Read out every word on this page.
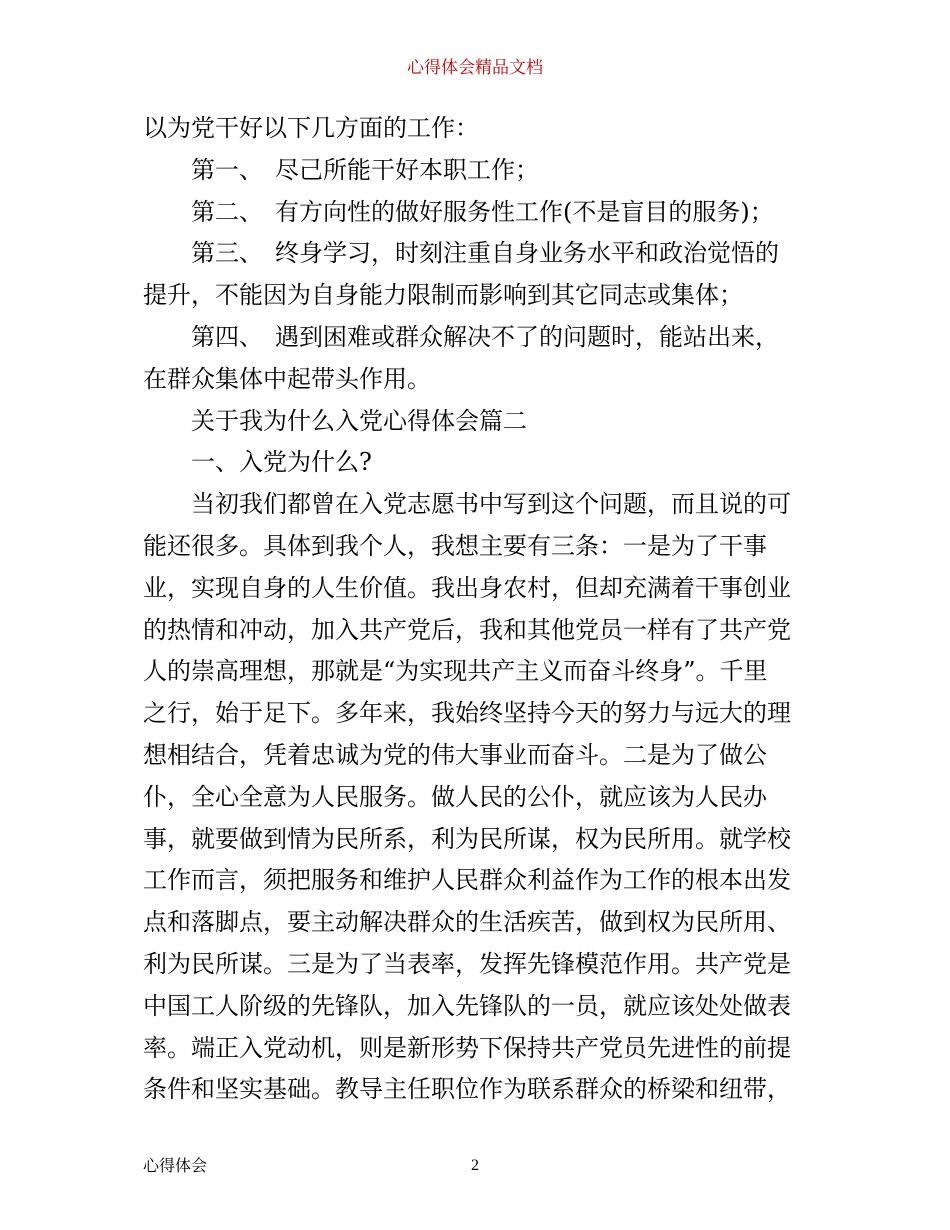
心得体会精品文档
以为党干好以下几方面的工作：
第一、　尽己所能干好本职工作；
第二、　有方向性的做好服务性工作(不是盲目的服务)；
第三、　终身学习，时刻注重自身业务水平和政治觉悟的
提升，不能因为自身能力限制而影响到其它同志或集体；
第四、　遇到困难或群众解决不了的问题时，能站出来，
在群众集体中起带头作用。
关于我为什么入党心得体会篇二
一、入党为什么?
当初我们都曾在入党志愿书中写到这个问题，而且说的可
能还很多。具体到我个人，我想主要有三条：一是为了干事
业，实现自身的人生价值。我出身农村，但却充满着干事创业
的热情和冲动，加入共产党后，我和其他党员一样有了共产党
人的崇高理想，那就是“为实现共产主义而奋斗终身”。千里
之行，始于足下。多年来，我始终坚持今天的努力与远大的理
想相结合，凭着忠诚为党的伟大事业而奋斗。二是为了做公
仆，全心全意为人民服务。做人民的公仆，就应该为人民办
事，就要做到情为民所系，利为民所谋，权为民所用。就学校
工作而言，须把服务和维护人民群众利益作为工作的根本出发
点和落脚点，要主动解决群众的生活疾苦，做到权为民所用、
利为民所谋。三是为了当表率，发挥先锋模范作用。共产党是
中国工人阶级的先锋队，加入先锋队的一员，就应该处处做表
率。端正入党动机，则是新形势下保持共产党员先进性的前提
条件和坚实基础。教导主任职位作为联系群众的桥梁和纽带，
心得体会	2
